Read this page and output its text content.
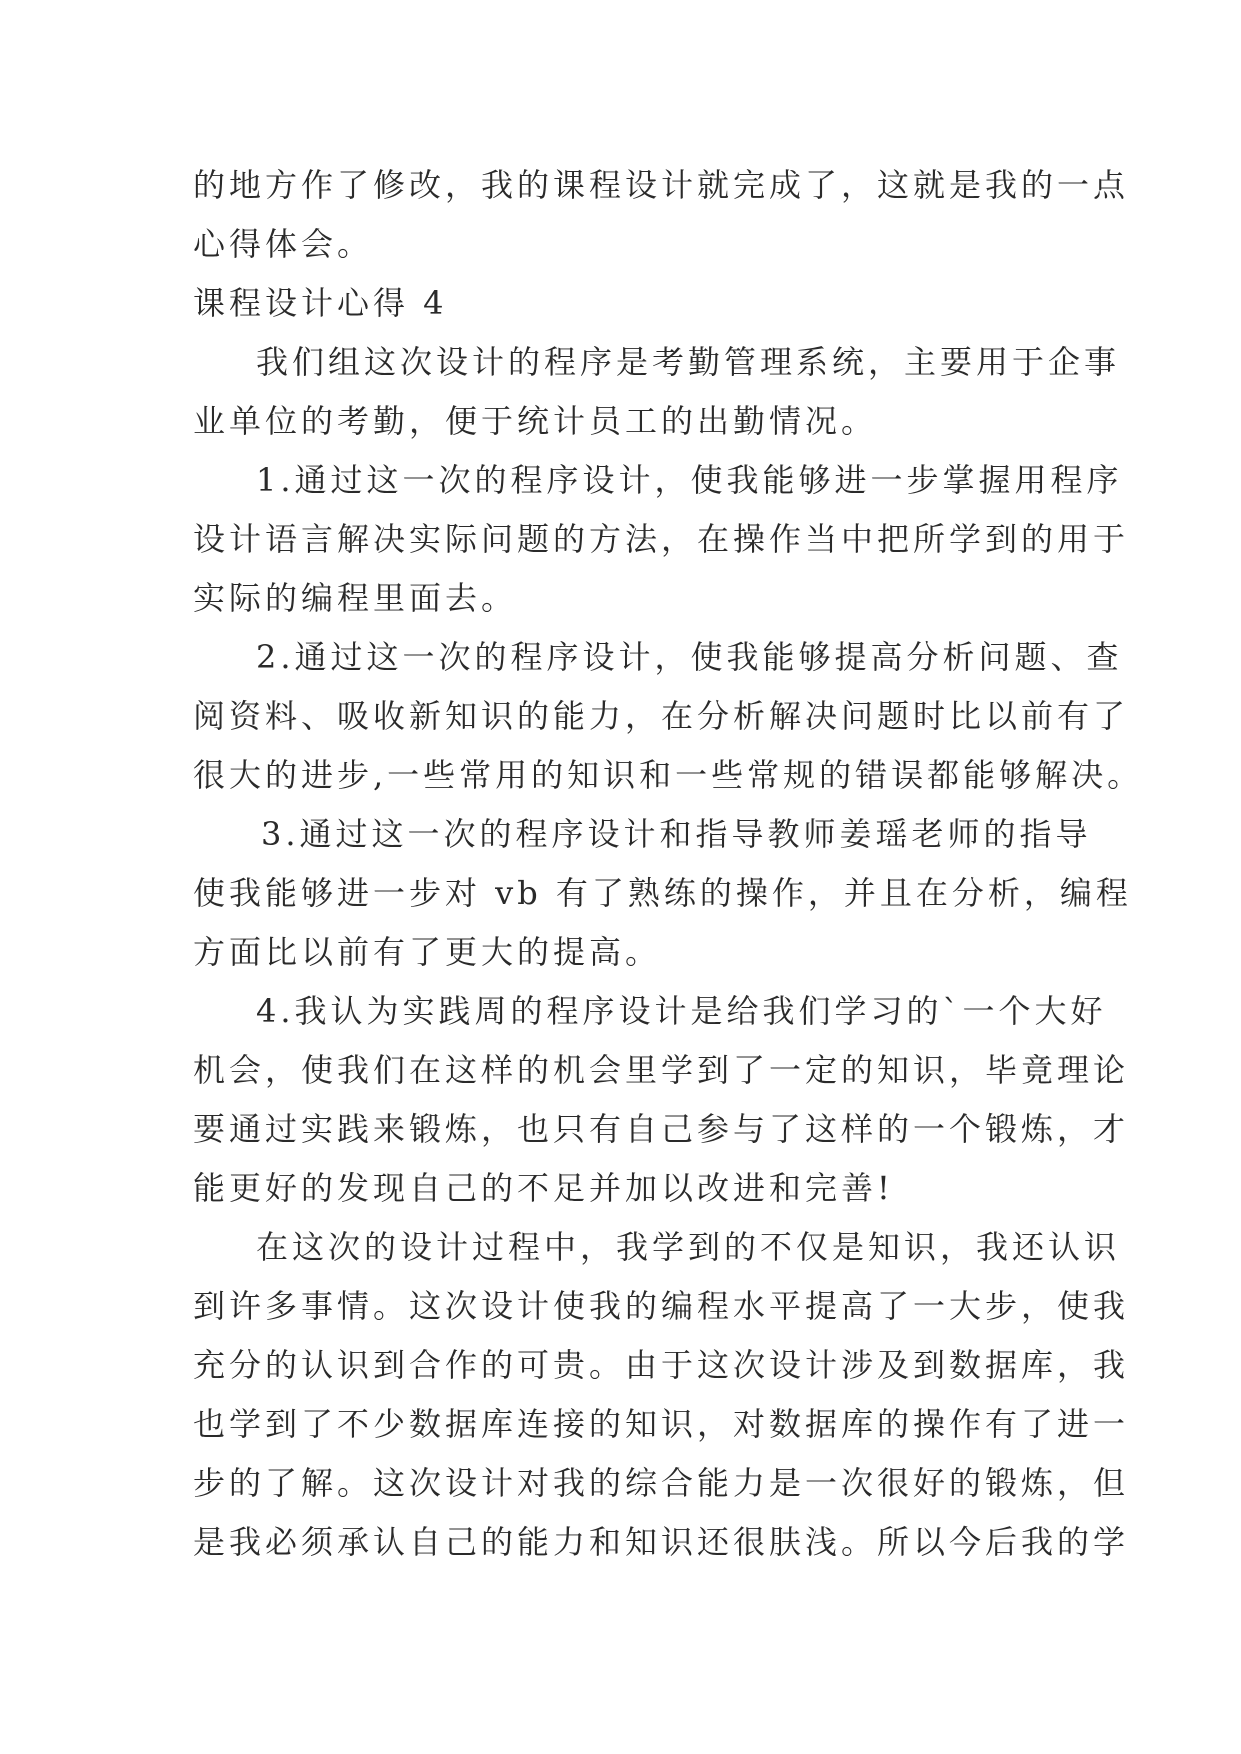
的地方作了修改，我的课程设计就完成了，这就是我的一点
心得体会。
课程设计心得 4
我们组这次设计的程序是考勤管理系统，主要用于企事
业单位的考勤，便于统计员工的出勤情况。
1.通过这一次的程序设计，使我能够进一步掌握用程序
设计语言解决实际问题的方法，在操作当中把所学到的用于
实际的编程里面去。
2.通过这一次的程序设计，使我能够提高分析问题、查
阅资料、吸收新知识的能力，在分析解决问题时比以前有了
很大的进步,一些常用的知识和一些常规的错误都能够解决。
3.通过这一次的程序设计和指导教师姜瑶老师的指导
使我能够进一步对 vb 有了熟练的操作，并且在分析，编程
方面比以前有了更大的提高。
4.我认为实践周的程序设计是给我们学习的`一个大好
机会，使我们在这样的机会里学到了一定的知识，毕竟理论
要通过实践来锻炼，也只有自己参与了这样的一个锻炼，才
能更好的发现自己的不足并加以改进和完善!
在这次的设计过程中，我学到的不仅是知识，我还认识
到许多事情。这次设计使我的编程水平提高了一大步，使我
充分的认识到合作的可贵。由于这次设计涉及到数据库，我
也学到了不少数据库连接的知识，对数据库的操作有了进一
步的了解。这次设计对我的综合能力是一次很好的锻炼，但
是我必须承认自己的能力和知识还很肤浅。所以今后我的学
